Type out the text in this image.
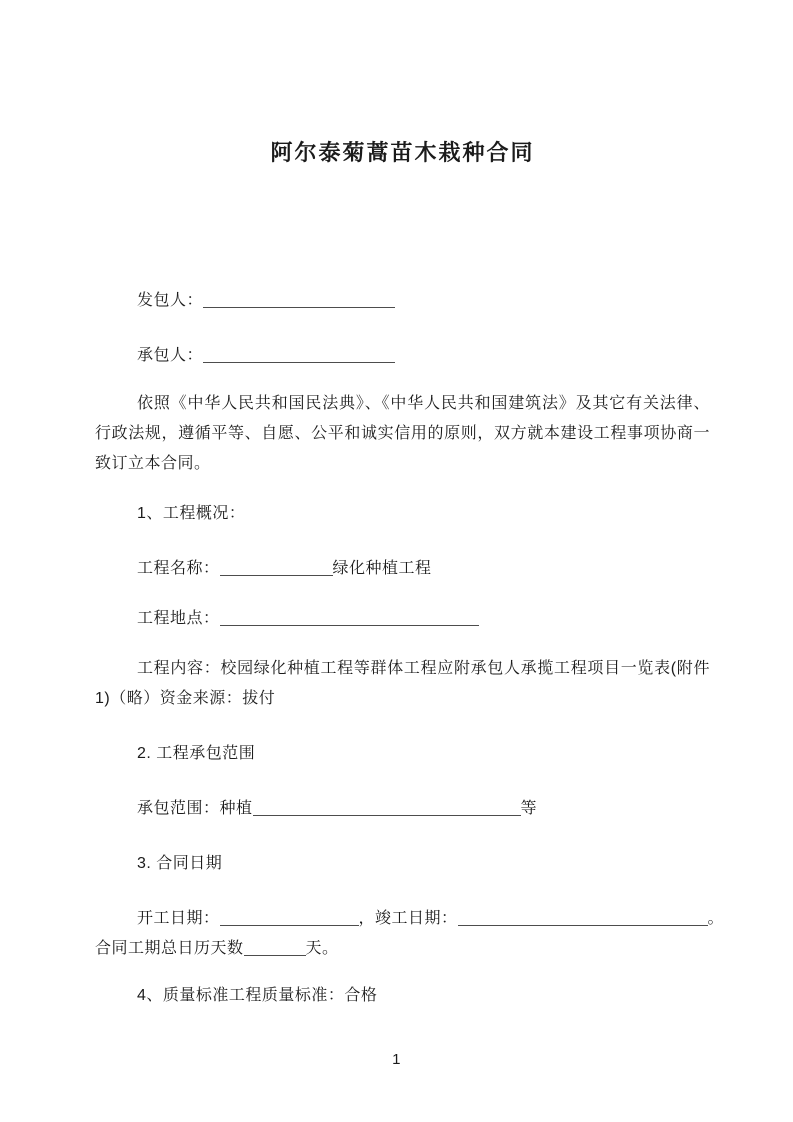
阿尔泰菊蒿苗木栽种合同
发包人：
承包人：
依照《中华人民共和国民法典》、《中华人民共和国建筑法》及其它有关法律、行政法规，遵循平等、自愿、公平和诚实信用的原则，双方就本建设工程事项协商一致订立本合同。
1、工程概况：
工程名称：	绿化种植工程
工程地点：
工程内容：校园绿化种植工程等群体工程应附承包人承揽工程项目一览表(附件1)（略）资金来源：拔付
2. 工程承包范围
承包范围：种植	等
3. 合同日期
开工日期：	，竣工日期：	。
合同工期总日历天数	天。
4、质量标准工程质量标准：合格
1
